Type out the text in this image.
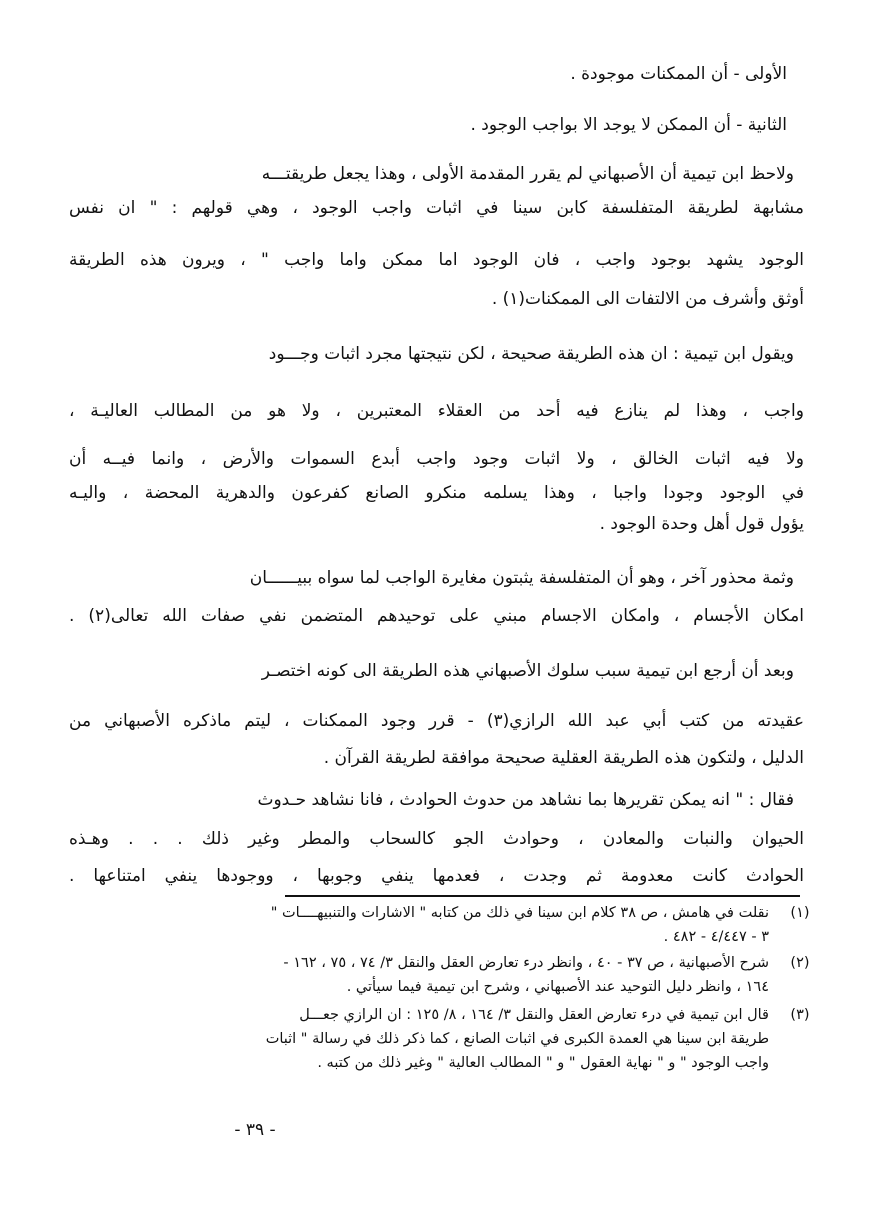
الأولى - أن الممكنات موجودة .
الثانية - أن الممكن لا يوجد الا بواجب الوجود .
ولاحظ ابن تيمية أن الأصبهاني لم يقرر المقدمة الأولى ، وهذا يجعل طريقتـــه
مشابهة لطريقة المتفلسفة كابن سينا في اثبات واجب الوجود ، وهي قولهم : " ان نفس
الوجود يشهد بوجود واجب ، فان الوجود اما ممكن واما واجب " ، ويرون هذه الطريقة
أوثق وأشرف من الالتفات الى الممكنات(١) .
ويقول ابن تيمية : ان هذه الطريقة صحيحة ، لكن نتيجتها مجرد اثبات وجـــود
واجب ، وهذا لم ينازع فيه أحد من العقلاء المعتبرين ، ولا هو من المطالب العاليـة ،
ولا فيه اثبات الخالق ، ولا اثبات وجود واجب أبدع السموات والأرض ، وانما فيــه أن
في الوجود وجودا واجبا ، وهذا يسلمه منكرو الصانع كفرعون والدهرية المحضة ، واليـه
يؤول قول أهل وحدة الوجود .
وثمة محذور آخر ، وهو أن المتفلسفة يثبتون مغايرة الواجب لما سواه ببيــــــان
امكان الأجسام ، وامكان الاجسام مبني على توحيدهم المتضمن نفي صفات الله تعالى(٢) .
وبعد أن أرجع ابن تيمية سبب سلوك الأصبهاني هذه الطريقة الى كونه اختصـر
عقيدته من كتب أبي عبد الله الرازي(٣) - قرر وجود الممكنات ، ليتم ماذكره الأصبهاني من
الدليل ، ولتكون هذه الطريقة العقلية صحيحة موافقة لطريقة القرآن .
فقال : " انه يمكن تقريرها بما نشاهد من حدوث الحوادث ، فانا نشاهد حـدوث
الحيوان والنبات والمعادن ، وحوادث الجو كالسحاب والمطر وغير ذلك . . . وهـذه
الحوادث كانت معدومة ثم وجدت ، فعدمها ينفي وجوبها ، ووجودها ينفي امتناعها .
(١)
نقلت في هامش ، ص ٣٨ كلام ابن سينا في ذلك من كتابه " الاشارات والتنبيهــــات "
٣ - ٤/٤٤٧ - ٤٨٢ .
(٢)
شرح الأصبهانية ، ص ٣٧ - ٤٠ ، وانظر درء تعارض العقل والنقل ٣/ ٧٤ ، ٧٥ ، ١٦٢ -
١٦٤ ، وانظر دليل التوحيد عند الأصبهاني ، وشرح ابن تيمية فيما سيأتي .
(٣)
قال ابن تيمية في درء تعارض العقل والنقل ٣/ ١٦٤ ، ٨/ ١٢٥ : ان الرازي جعـــل
طريقة ابن سينا هي العمدة الكبرى في اثبات الصانع ، كما ذكر ذلك في رسالة " اثبات
واجب الوجود " و " نهاية العقول " و " المطالب العالية " وغير ذلك من كتبه .
- ٣٩ -
